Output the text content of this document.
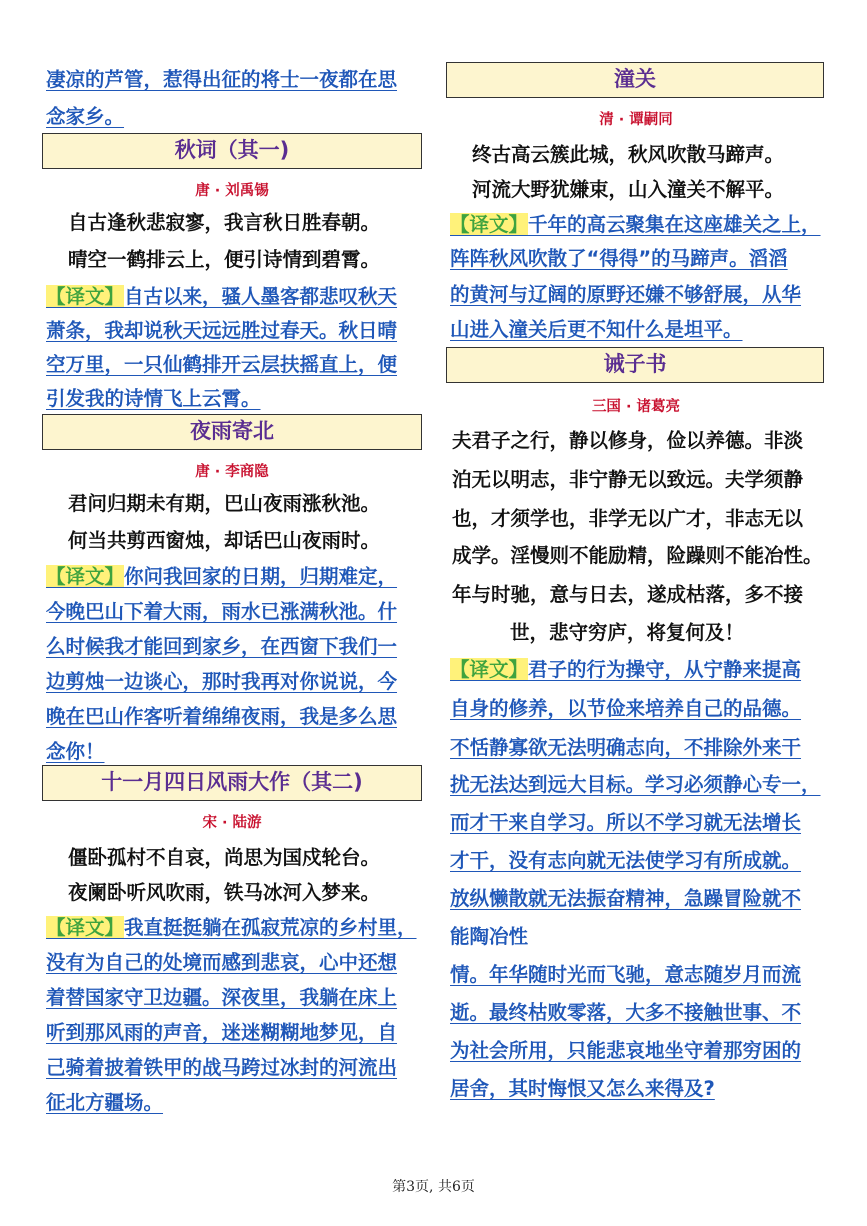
凄凉的芦管，惹得出征的将士一夜都在思
念家乡。
秋词（其一)
唐 · 刘禹锡
自古逢秋悲寂寥，我言秋日胜春朝。
晴空一鹤排云上，便引诗情到碧霄。
【译文】自古以来，骚人墨客都悲叹秋天
萧条，我却说秋天远远胜过春天。秋日晴
空万里，一只仙鹤排开云层扶摇直上，便
引发我的诗情飞上云霄。
夜雨寄北
唐 · 李商隐
君问归期未有期，巴山夜雨涨秋池。
何当共剪西窗烛，却话巴山夜雨时。
【译文】你问我回家的日期，归期难定，
今晚巴山下着大雨，雨水已涨满秋池。什
么时候我才能回到家乡，在西窗下我们一
边剪烛一边谈心，那时我再对你说说，今
晚在巴山作客听着绵绵夜雨，我是多么思
念你！
十一月四日风雨大作（其二)
宋 · 陆游
僵卧孤村不自哀，尚思为国戍轮台。
夜阑卧听风吹雨，铁马冰河入梦来。
【译文】我直挺挺躺在孤寂荒凉的乡村里，
没有为自己的处境而感到悲哀，心中还想
着替国家守卫边疆。深夜里，我躺在床上
听到那风雨的声音，迷迷糊糊地梦见，自
己骑着披着铁甲的战马跨过冰封的河流出
征北方疆场。
潼关
清 · 谭嗣同
终古高云簇此城，秋风吹散马蹄声。
河流大野犹嫌束，山入潼关不解平。
【译文】千年的高云聚集在这座雄关之上，
阵阵秋风吹散了“得得”的马蹄声。滔滔
的黄河与辽阔的原野还嫌不够舒展，从华
山进入潼关后更不知什么是坦平。
诫子书
三国 · 诸葛亮
夫君子之行，静以修身，俭以养德。非淡
泊无以明志，非宁静无以致远。夫学须静
也，才须学也，非学无以广才，非志无以
成学。淫慢则不能励精，险躁则不能冶性。
年与时驰，意与日去，遂成枯落，多不接
世，悲守穷庐，将复何及！
【译文】君子的行为操守，从宁静来提高
自身的修养，以节俭来培养自己的品德。
不恬静寡欲无法明确志向，不排除外来干
扰无法达到远大目标。学习必须静心专一，
而才干来自学习。所以不学习就无法增长
才干，没有志向就无法使学习有所成就。
放纵懒散就无法振奋精神，急躁冒险就不
能陶冶性
情。年华随时光而飞驰，意志随岁月而流
逝。最终枯败零落，大多不接触世事、不
为社会所用，只能悲哀地坐守着那穷困的
居舍，其时悔恨又怎么来得及?
第3页, 共6页
